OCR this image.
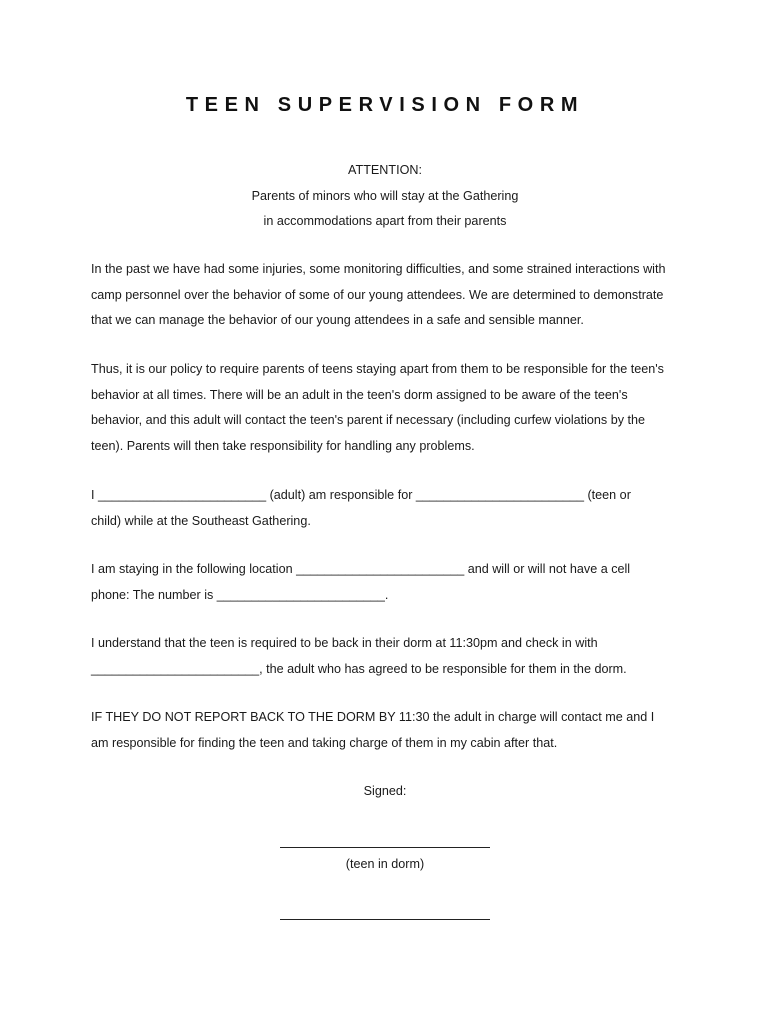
TEEN SUPERVISION FORM
ATTENTION:
Parents of minors who will stay at the Gathering
in accommodations apart from their parents
In the past we have had some injuries, some monitoring difficulties, and some strained interactions with
camp personnel over the behavior of some of our young attendees. We are determined to demonstrate
that we can manage the behavior of our young attendees in a safe and sensible manner.
Thus, it is our policy to require parents of teens staying apart from them to be responsible for the teen's
behavior at all times. There will be an adult in the teen's dorm assigned to be aware of the teen's
behavior, and this adult will contact the teen's parent if necessary (including curfew violations by the
teen). Parents will then take responsibility for handling any problems.
I ________________________ (adult) am responsible for ________________________ (teen or
child) while at the Southeast Gathering.
I am staying in the following location ________________________ and will or will not have a cell
phone: The number is ________________________.
I understand that the teen is required to be back in their dorm at 11:30pm and check in with
________________________, the adult who has agreed to be responsible for them in the dorm.
IF THEY DO NOT REPORT BACK TO THE DORM BY 11:30 the adult in charge will contact me and I
am responsible for finding the teen and taking charge of them in my cabin after that.
Signed:
(teen in dorm)
